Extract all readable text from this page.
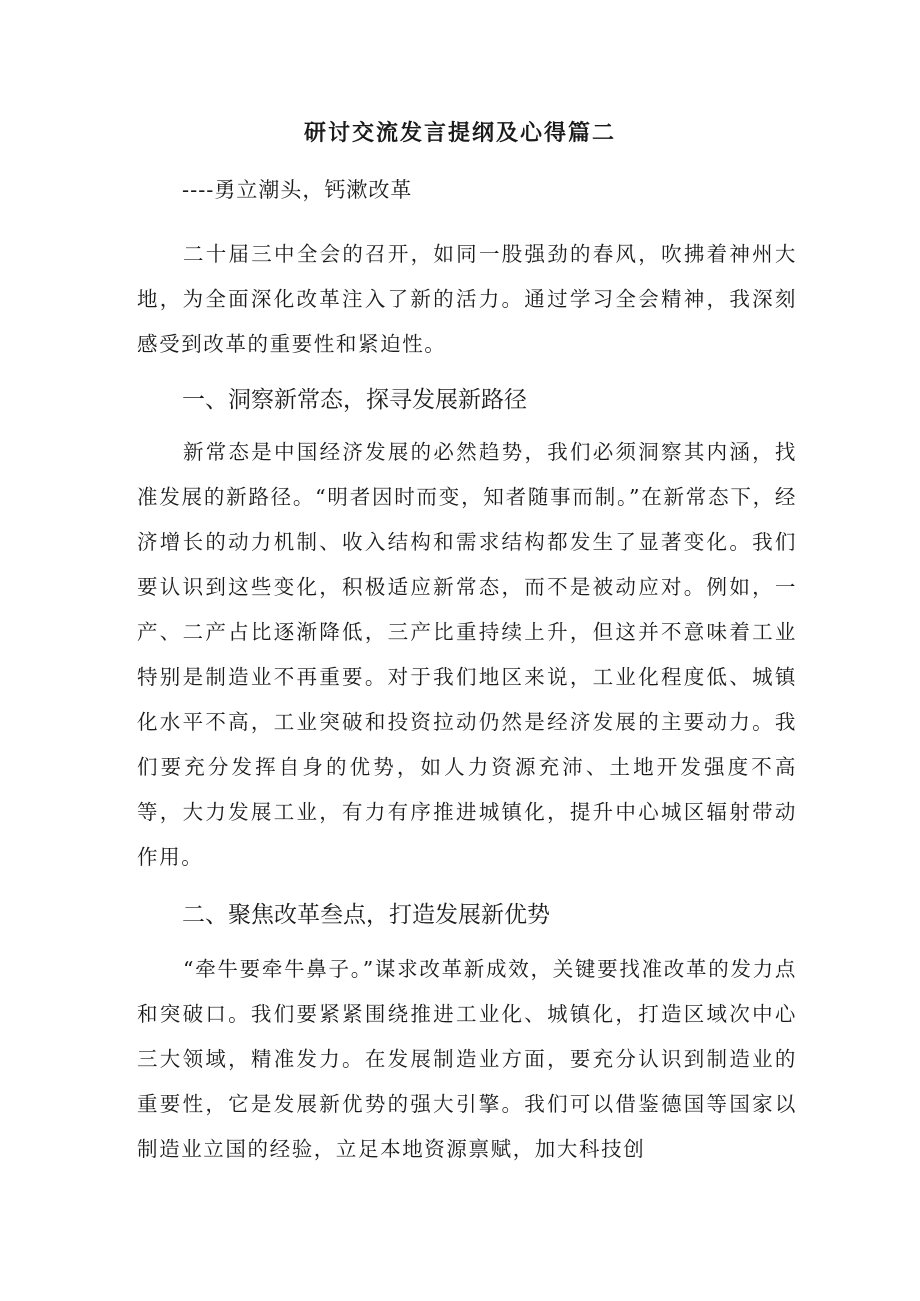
研讨交流发言提纲及心得篇二
----勇立潮头，钙漱改革

二十届三中全会的召开，如同一股强劲的春风，吹拂着神州大地，为全面深化改革注入了新的活力。通过学习全会精神，我深刻感受到改革的重要性和紧迫性。

一、洞察新常态，探寻发展新路径

新常态是中国经济发展的必然趋势，我们必须洞察其内涵，找准发展的新路径。“明者因时而变，知者随事而制。”在新常态下，经济增长的动力机制、收入结构和需求结构都发生了显著变化。我们要认识到这些变化，积极适应新常态，而不是被动应对。例如，一产、二产占比逐渐降低，三产比重持续上升，但这并不意味着工业特别是制造业不再重要。对于我们地区来说，工业化程度低、城镇化水平不高，工业突破和投资拉动仍然是经济发展的主要动力。我们要充分发挥自身的优势，如人力资源充沛、土地开发强度不高等，大力发展工业，有力有序推进城镇化，提升中心城区辐射带动作用。

二、聚焦改革叁点，打造发展新优势

“牵牛要牵牛鼻子。”谋求改革新成效，关键要找准改革的发力点和突破口。我们要紧紧围绕推进工业化、城镇化，打造区域次中心三大领域，精准发力。在发展制造业方面，要充分认识到制造业的重要性，它是发展新优势的强大引擎。我们可以借鉴德国等国家以制造业立国的经验，立足本地资源禀赋，加大科技创
